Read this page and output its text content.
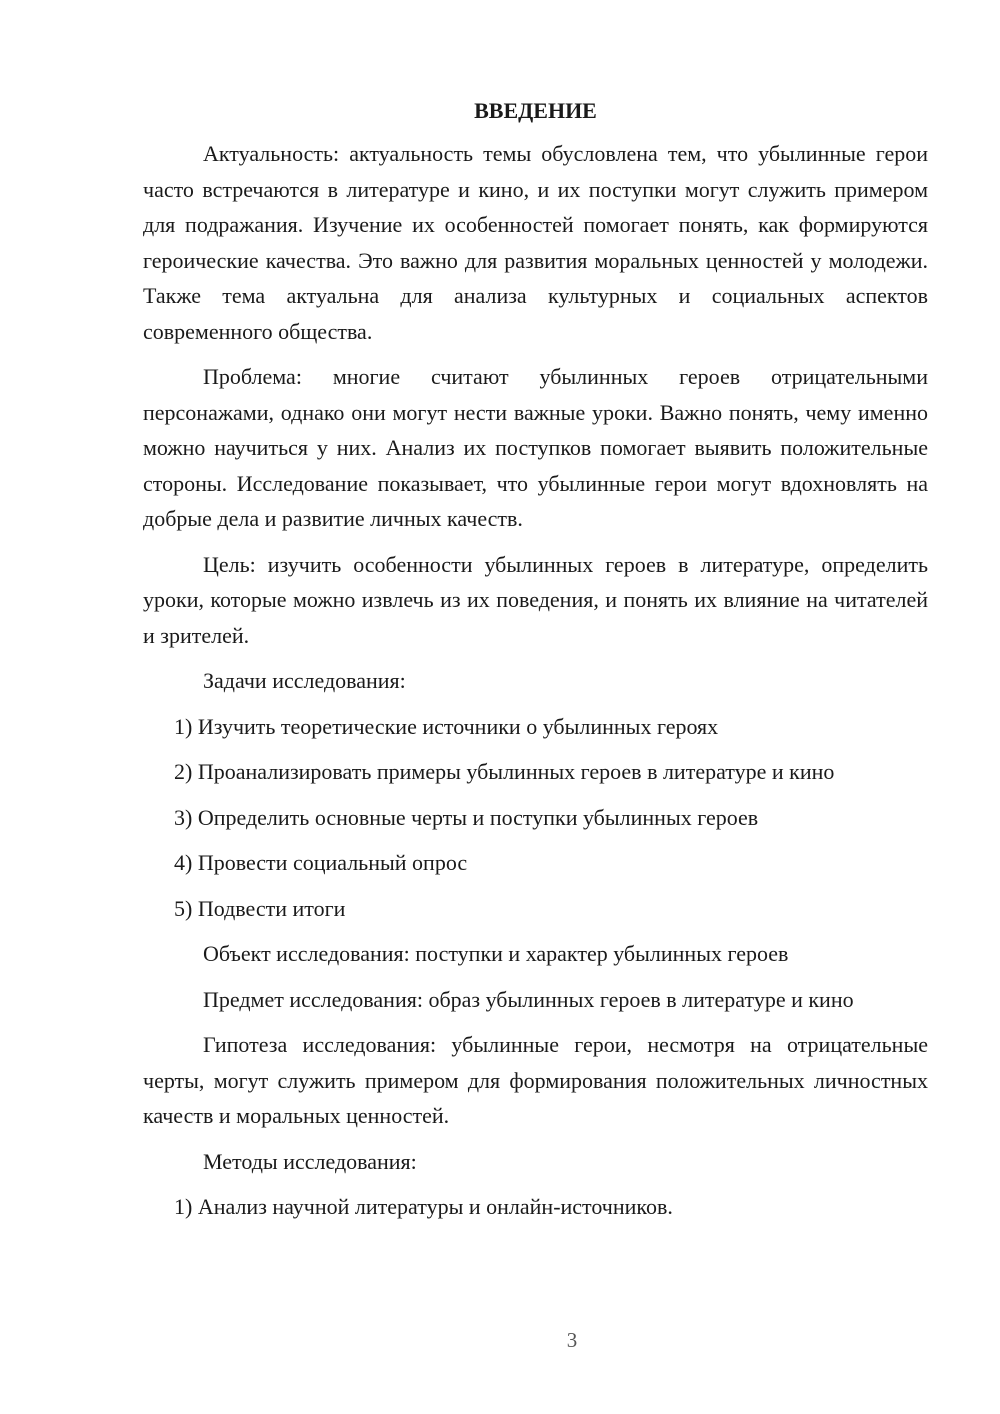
ВВЕДЕНИЕ

Актуальность: актуальность темы обусловлена тем, что убылинные герои часто встречаются в литературе и кино, и их поступки могут служить примером для подражания. Изучение их особенностей помогает понять, как формируются героические качества. Это важно для развития моральных ценностей у молодежи. Также тема актуальна для анализа культурных и социальных аспектов современного общества.

Проблема: многие считают убылинных героев отрицательными персонажами, однако они могут нести важные уроки. Важно понять, чему именно можно научиться у них. Анализ их поступков помогает выявить положительные стороны. Исследование показывает, что убылинные герои могут вдохновлять на добрые дела и развитие личных качеств.

Цель: изучить особенности убылинных героев в литературе, определить уроки, которые можно извлечь из их поведения, и понять их влияние на читателей и зрителей.

Задачи исследования:

1) Изучить теоретические источники о убылинных героях

2) Проанализировать примеры убылинных героев в литературе и кино

3) Определить основные черты и поступки убылинных героев

4) Провести социальный опрос

5) Подвести итоги

Объект исследования: поступки и характер убылинных героев

Предмет исследования: образ убылинных героев в литературе и кино

Гипотеза исследования: убылинные герои, несмотря на отрицательные черты, могут служить примером для формирования положительных личностных качеств и моральных ценностей.

Методы исследования:

1) Анализ научной литературы и онлайн-источников.

3
